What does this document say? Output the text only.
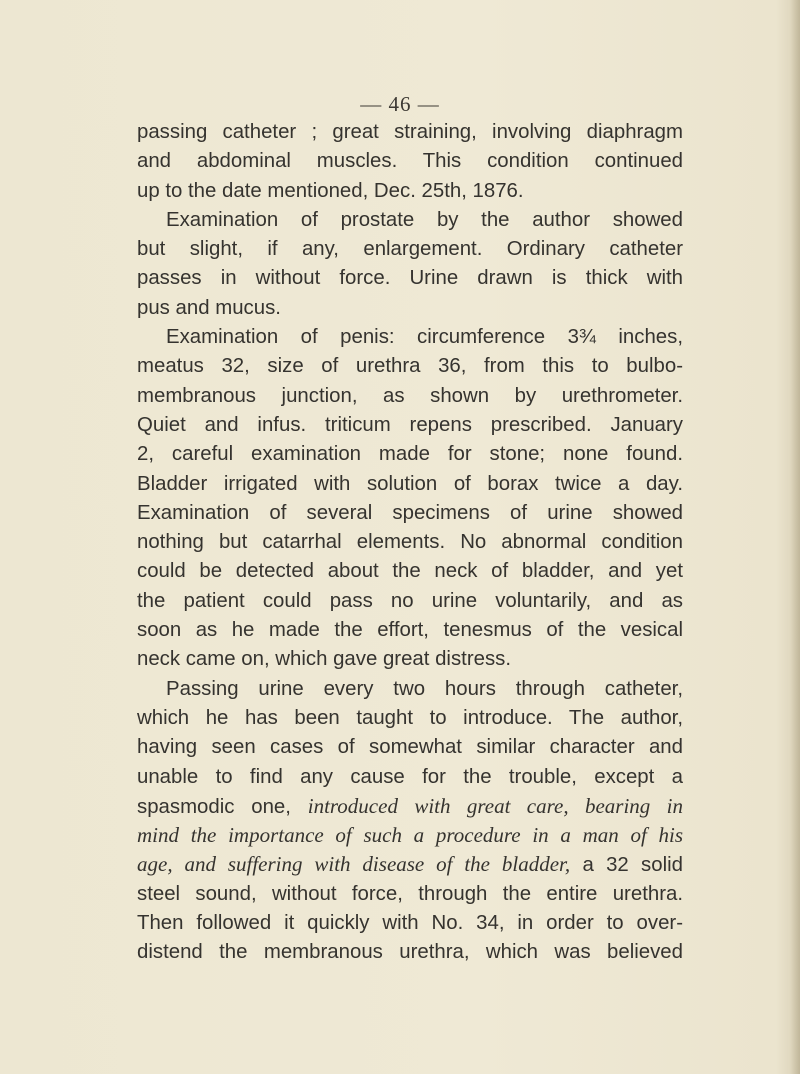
— 46 —
passing catheter ; great straining, involving diaphragm
and abdominal muscles. This condition continued
up to the date mentioned, Dec. 25th, 1876.
Examination of prostate by the author showed
but slight, if any, enlargement. Ordinary catheter
passes in without force. Urine drawn is thick with
pus and mucus.
Examination of penis: circumference 3¾ inches,
meatus 32, size of urethra 36, from this to bulbo-
membranous junction, as shown by urethrometer.
Quiet and infus. triticum repens prescribed. January
2, careful examination made for stone; none found.
Bladder irrigated with solution of borax twice a day.
Examination of several specimens of urine showed
nothing but catarrhal elements. No abnormal condition
could be detected about the neck of bladder, and yet
the patient could pass no urine voluntarily, and as
soon as he made the effort, tenesmus of the vesical
neck came on, which gave great distress.
Passing urine every two hours through catheter,
which he has been taught to introduce. The author,
having seen cases of somewhat similar character and
unable to find any cause for the trouble, except a
spasmodic one, introduced with great care, bearing in
mind the importance of such a procedure in a man of his
age, and suffering with disease of the bladder, a 32 solid
steel sound, without force, through the entire urethra.
Then followed it quickly with No. 34, in order to over-
distend the membranous urethra, which was believed
